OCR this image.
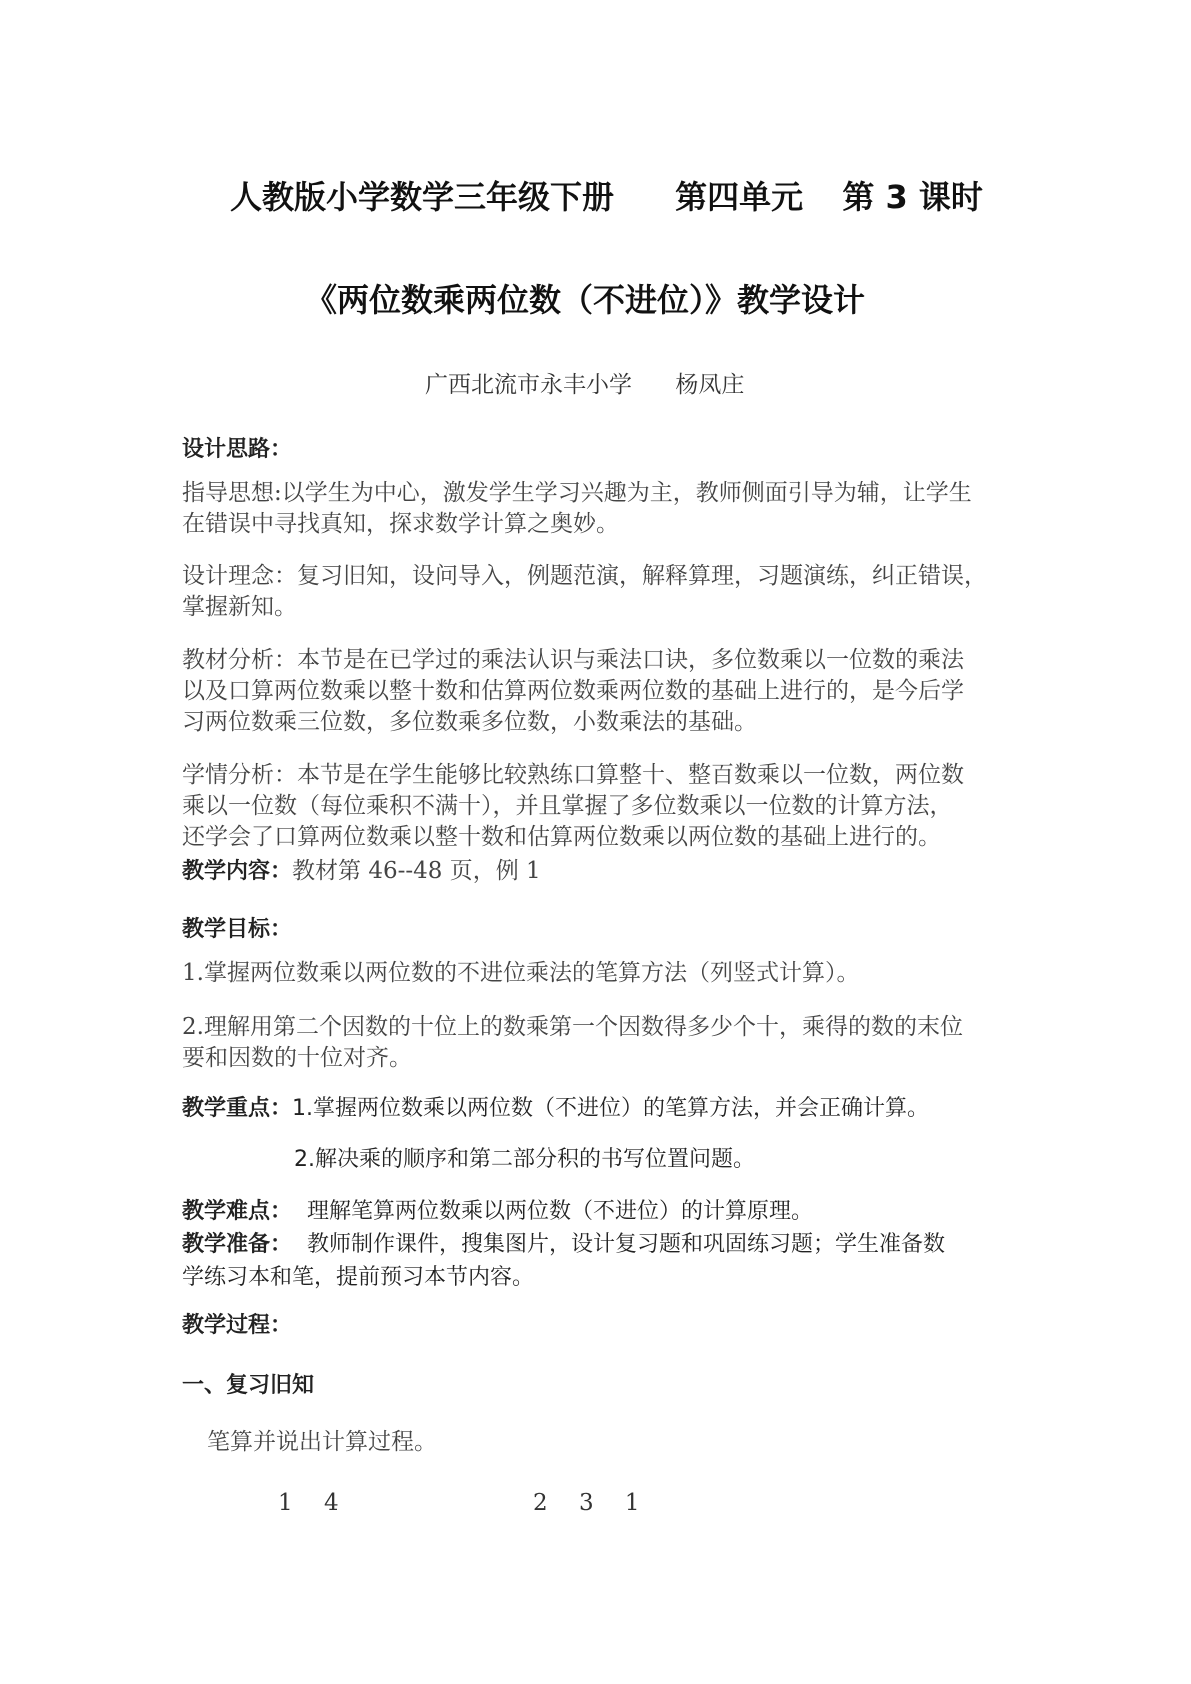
人教版小学数学三年级下册 第四单元 第 3 课时
《两位数乘两位数（不进位）》教学设计
广西北流市永丰小学 杨凤庄
设计思路：
指导思想:以学生为中心，激发学生学习兴趣为主，教师侧面引导为辅，让学生
在错误中寻找真知，探求数学计算之奥妙。
设计理念：复习旧知，设问导入，例题范演，解释算理，习题演练，纠正错误，
掌握新知。
教材分析：本节是在已学过的乘法认识与乘法口诀，多位数乘以一位数的乘法
以及口算两位数乘以整十数和估算两位数乘两位数的基础上进行的，是今后学
习两位数乘三位数，多位数乘多位数，小数乘法的基础。
学情分析：本节是在学生能够比较熟练口算整十、整百数乘以一位数，两位数
乘以一位数（每位乘积不满十），并且掌握了多位数乘以一位数的计算方法，
还学会了口算两位数乘以整十数和估算两位数乘以两位数的基础上进行的。
教学内容：教材第 46--48 页，例 1
教学目标：
1.掌握两位数乘以两位数的不进位乘法的笔算方法（列竖式计算）。
2.理解用第二个因数的十位上的数乘第一个因数得多少个十，乘得的数的末位
要和因数的十位对齐。
教学重点：1.掌握两位数乘以两位数（不进位）的笔算方法，并会正确计算。
2.解决乘的顺序和第二部分积的书写位置问题。
教学难点： 理解笔算两位数乘以两位数（不进位）的计算原理。
教学准备： 教师制作课件，搜集图片，设计复习题和巩固练习题；学生准备数
学练习本和笔，提前预习本节内容。
教学过程：
一、复习旧知
笔算并说出计算过程。
1 4	2 3 1
